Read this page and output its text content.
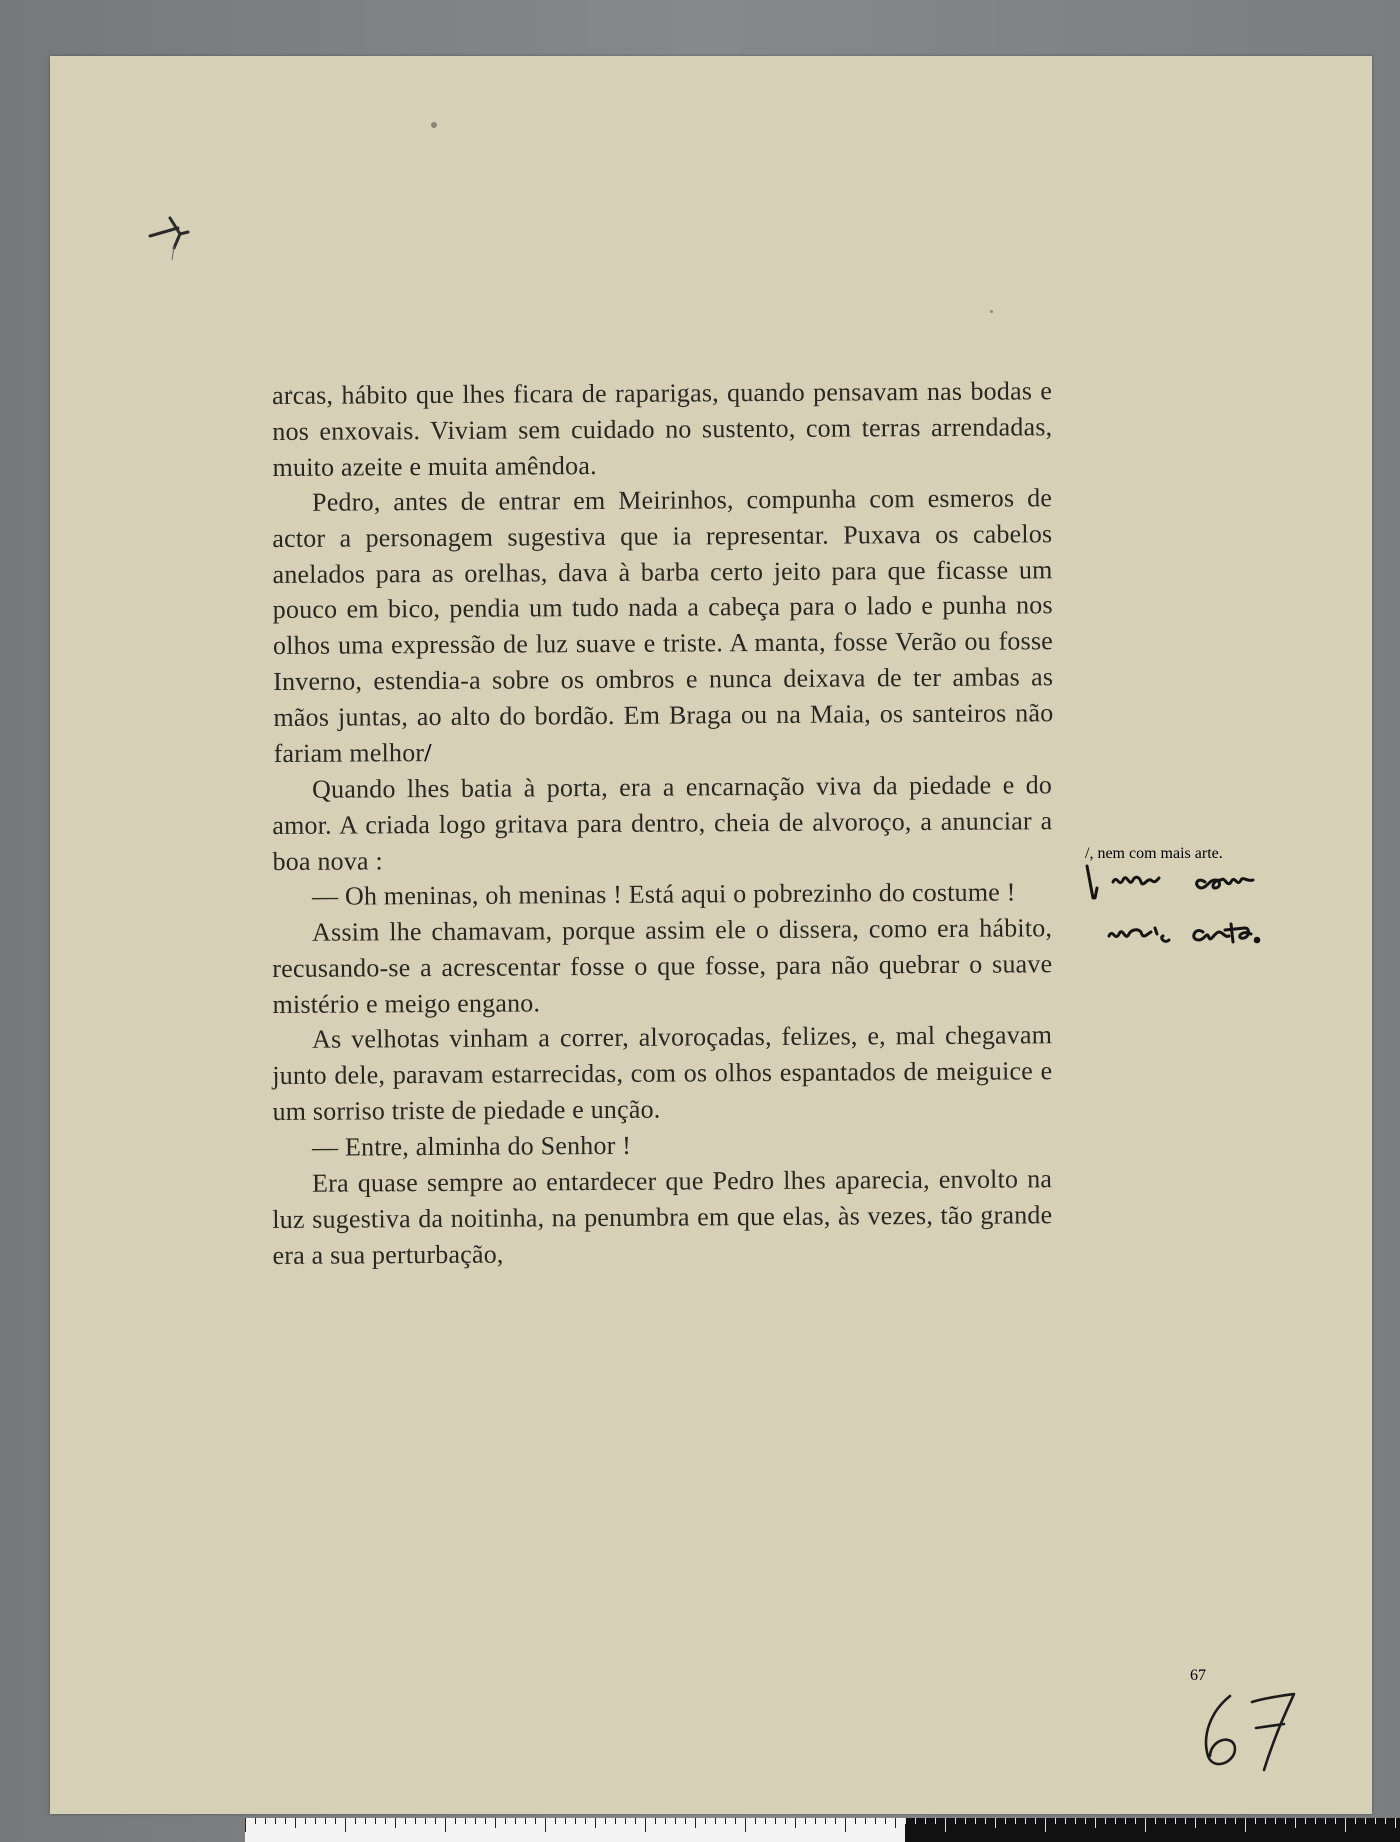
arcas, hábito que lhes ficara de raparigas, quando pensavam nas bodas e nos enxovais. Viviam sem cuidado no sustento, com terras arrendadas, muito azeite e muita amêndoa.

Pedro, antes de entrar em Meirinhos, compunha com esmeros de actor a personagem sugestiva que ia representar. Puxava os cabelos anelados para as orelhas, dava à barba certo jeito para que ficasse um pouco em bico, pendia um tudo nada a cabeça para o lado e punha nos olhos uma expressão de luz suave e triste. A manta, fosse Verão ou fosse Inverno, estendia-a sobre os ombros e nunca deixava de ter ambas as mãos juntas, ao alto do bordão. Em Braga ou na Maia, os santeiros não fariam melhor/

Quando lhes batia à porta, era a encarnação viva da piedade e do amor. A criada logo gritava para dentro, cheia de alvoroço, a anunciar a boa nova :

— Oh meninas, oh meninas ! Está aqui o pobrezinho do costume !

Assim lhe chamavam, porque assim ele o dissera, como era hábito, recusando-se a acrescentar fosse o que fosse, para não quebrar o suave mistério e meigo engano.

As velhotas vinham a correr, alvoroçadas, felizes, e, mal chegavam junto dele, paravam estarrecidas, com os olhos espantados de meiguice e um sorriso triste de piedade e unção.

— Entre, alminha do Senhor !

Era quase sempre ao entardecer que Pedro lhes aparecia, envolto na luz sugestiva da noitinha, na penumbra em que elas, às vezes, tão grande era a sua perturbação,

/, nem com mais arte.
67
